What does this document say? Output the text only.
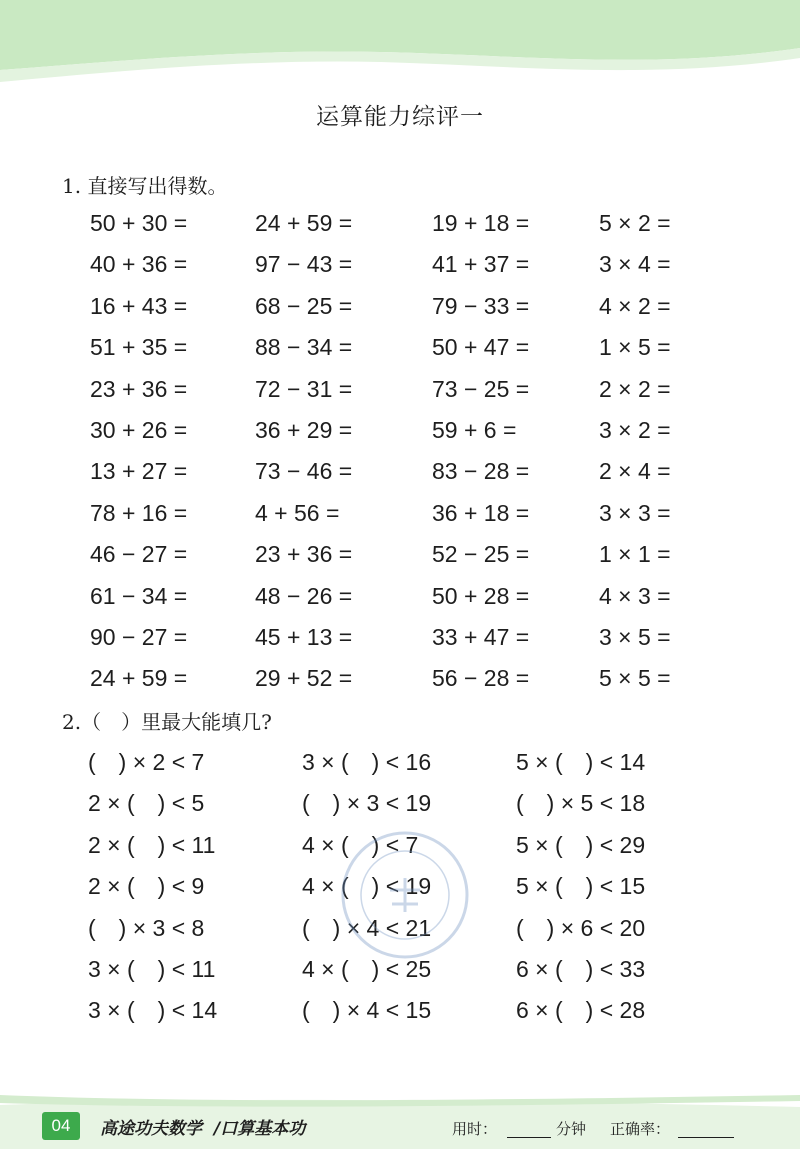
运算能力综评一
1. 直接写出得数。
50 + 30 =	24 + 59 =	19 + 18 =	5 × 2 =
40 + 36 =	97 − 43 =	41 + 37 =	3 × 4 =
16 + 43 =	68 − 25 =	79 − 33 =	4 × 2 =
51 + 35 =	88 − 34 =	50 + 47 =	1 × 5 =
23 + 36 =	72 − 31 =	73 − 25 =	2 × 2 =
30 + 26 =	36 + 29 =	59 + 6 =	3 × 2 =
13 + 27 =	73 − 46 =	83 − 28 =	2 × 4 =
78 + 16 =	4 + 56 =	36 + 18 =	3 × 3 =
46 − 27 =	23 + 36 =	52 − 25 =	1 × 1 =
61 − 34 =	48 − 26 =	50 + 28 =	4 × 3 =
90 − 27 =	45 + 13 =	33 + 47 =	3 × 5 =
24 + 59 =	29 + 52 =	56 − 28 =	5 × 5 =
2.（　）里最大能填几?
(　) × 2 < 7	3 × (　) < 16	5 × (　) < 14
2 × (　) < 5	(　) × 3 < 19	(　) × 5 < 18
2 × (　) < 11	4 × (　) < 7	5 × (　) < 29
2 × (　) < 9	4 × (　) < 19	5 × (　) < 15
(　) × 3 < 8	(　) × 4 < 21	(　) × 6 < 20
3 × (　) < 11	4 × (　) < 25	6 × (　) < 33
3 × (　) < 14	(　) × 4 < 15	6 × (　) < 28
04	高途功夫数学 /口算基本功	用时：	分钟 正确率：
